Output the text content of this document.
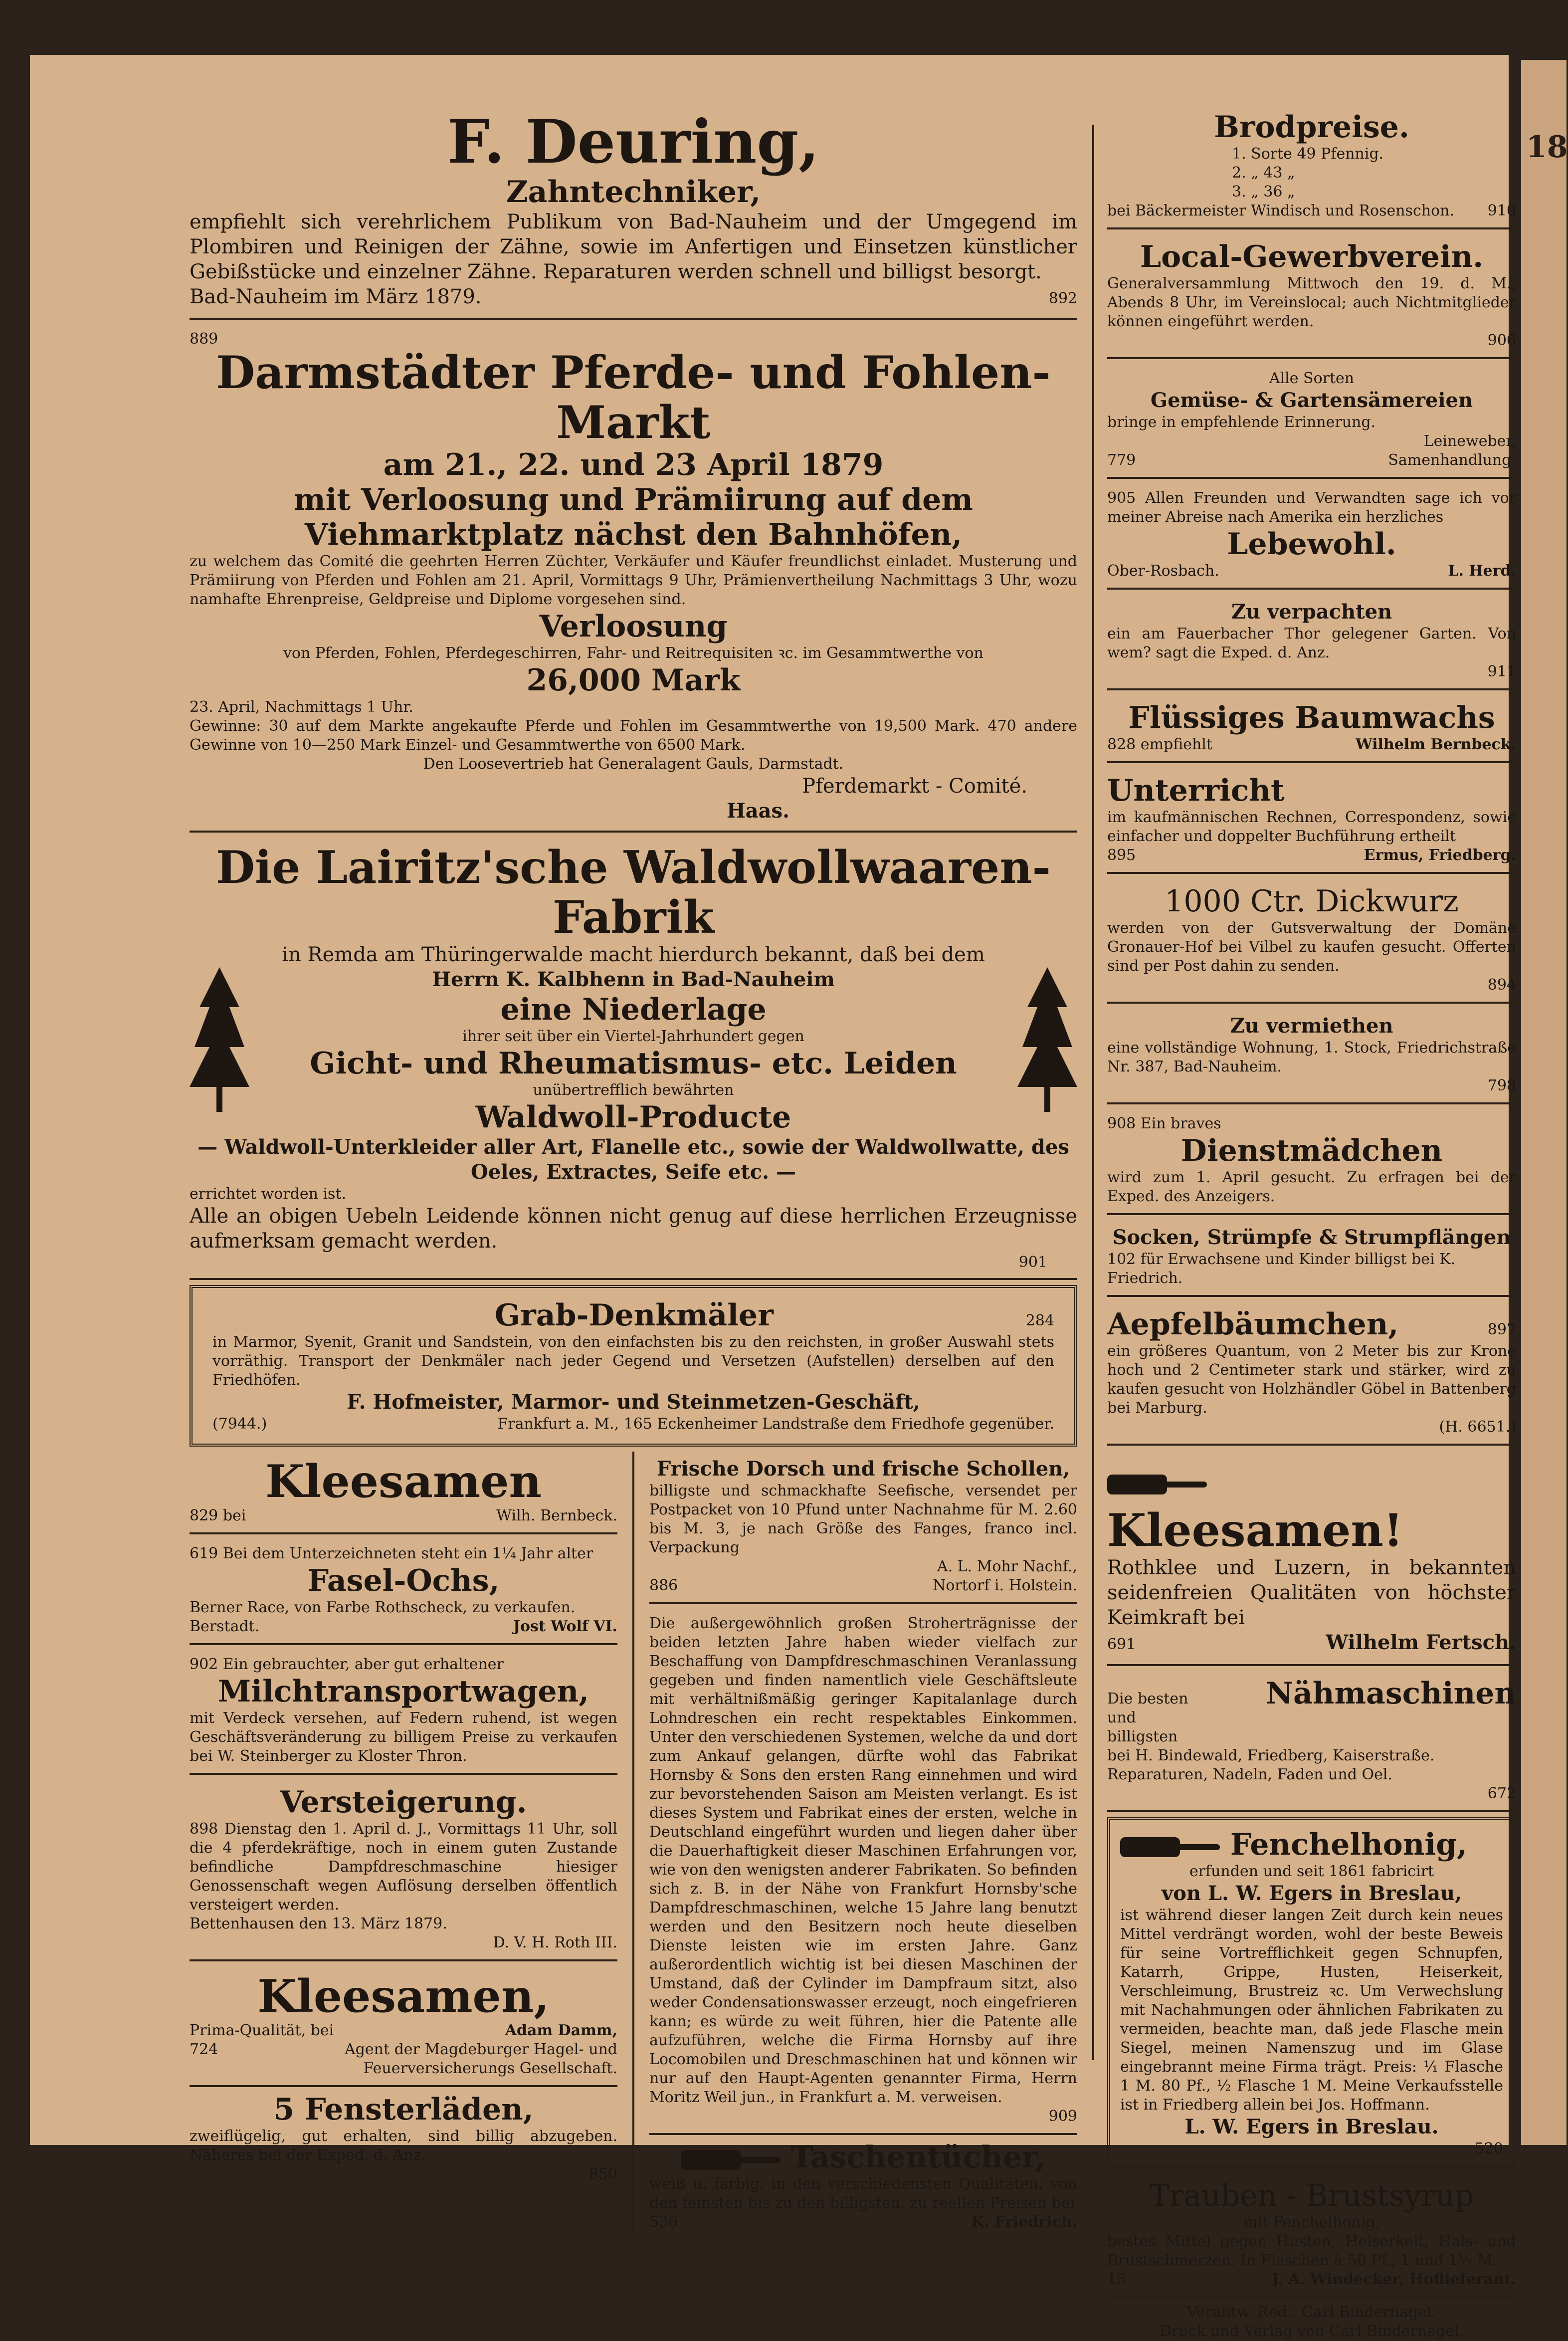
F. Deuring,
Zahntechniker,
empfiehlt sich verehrlichem Publikum von Bad-Nauheim und der Umgegend im Plombiren und Reinigen der Zähne, sowie im Anfertigen und Einsetzen künstlicher Gebißstücke und einzelner Zähne. Reparaturen werden schnell und billigst besorgt.
Bad-Nauheim im März 1879.	892
889
Darmstädter Pferde- und Fohlen-Markt
am 21., 22. und 23 April 1879
mit Verloosung und Prämiirung auf dem Viehmarktplatz nächst den Bahnhöfen,
zu welchem das Comité die geehrten Herren Züchter, Verkäufer und Käufer freundlichst einladet. Musterung und Prämiirung von Pferden und Fohlen am 21. April, Vormittags 9 Uhr, Prämienvertheilung Nachmittags 3 Uhr, wozu namhafte Ehrenpreise, Geldpreise und Diplome vorgesehen sind.
Verloosung
von Pferden, Fohlen, Pferdegeschirren, Fahr- und Reitrequisiten ꝛc. im Gesammtwerthe von
26,000 Mark
23. April, Nachmittags 1 Uhr.
Gewinne: 30 auf dem Markte angekaufte Pferde und Fohlen im Gesammtwerthe von 19,500 Mark. 470 andere Gewinne von 10—250 Mark Einzel- und Gesammtwerthe von 6500 Mark.
Den Loosevertrieb hat Generalagent Gauls, Darmstadt.
Pferdemarkt - Comité.
Haas.
Die Lairitz'sche Waldwollwaaren-Fabrik
in Remda am Thüringerwalde macht hierdurch bekannt, daß bei dem
Herrn K. Kalbhenn in Bad-Nauheim
eine Niederlage
ihrer seit über ein Viertel-Jahrhundert gegen
Gicht- und Rheumatismus- etc. Leiden
unübertrefflich bewährten
Waldwoll-Producte
— Waldwoll-Unterkleider aller Art, Flanelle etc., sowie der Waldwollwatte, des Oeles, Extractes, Seife etc. —
errichtet worden ist.
Alle an obigen Uebeln Leidende können nicht genug auf diese herrlichen Erzeugnisse aufmerksam gemacht werden.
901
Grab-Denkmäler	284
in Marmor, Syenit, Granit und Sandstein, von den einfachsten bis zu den reichsten, in großer Auswahl stets vorräthig. Transport der Denkmäler nach jeder Gegend und Versetzen (Aufstellen) derselben auf den Friedhöfen.
F. Hofmeister, Marmor- und Steinmetzen-Geschäft,
(7944.)	Frankfurt a. M., 165 Eckenheimer Landstraße dem Friedhofe gegenüber.
Kleesamen
829 bei	Wilh. Bernbeck.
619 Bei dem Unterzeichneten steht ein 1¼ Jahr alter
Fasel-Ochs,
Berner Race, von Farbe Rothscheck, zu verkaufen.
Berstadt.	Jost Wolf VI.
902 Ein gebrauchter, aber gut erhaltener
Milchtransportwagen,
mit Verdeck versehen, auf Federn ruhend, ist wegen Geschäftsveränderung zu billigem Preise zu verkaufen bei W. Steinberger zu Kloster Thron.
Versteigerung.
898 Dienstag den 1. April d. J., Vormittags 11 Uhr, soll die 4 pferdekräftige, noch in einem guten Zustande befindliche Dampfdreschmaschine hiesiger Genossenschaft wegen Auflösung derselben öffentlich versteigert werden.
Bettenhausen den 13. März 1879.
D. V. H. Roth III.
Kleesamen,
Prima-Qualität, bei	Adam Damm,
724	Agent der Magdeburger Hagel- und Feuerversicherungs Gesellschaft.
5 Fensterläden,
zweiflügelig, gut erhalten, sind billig abzugeben. Näheres bei der Exped. d. Anz.
850
Frische Dorsch und frische Schollen,
billigste und schmackhafte Seefische, versendet per Postpacket von 10 Pfund unter Nachnahme für M. 2.60 bis M. 3, je nach Größe des Fanges, franco incl. Verpackung
A. L. Mohr Nachf.,
886	Nortorf i. Holstein.
Die außergewöhnlich großen Stroherträgnisse der beiden letzten Jahre haben wieder vielfach zur Beschaffung von Dampfdreschmaschinen Veranlassung gegeben und finden namentlich viele Geschäftsleute mit verhältnißmäßig geringer Kapitalanlage durch Lohndreschen ein recht respektables Einkommen. Unter den verschiedenen Systemen, welche da und dort zum Ankauf gelangen, dürfte wohl das Fabrikat Hornsby & Sons den ersten Rang einnehmen und wird zur bevorstehenden Saison am Meisten verlangt. Es ist dieses System und Fabrikat eines der ersten, welche in Deutschland eingeführt wurden und liegen daher über die Dauerhaftigkeit dieser Maschinen Erfahrungen vor, wie von den wenigsten anderer Fabrikaten. So befinden sich z. B. in der Nähe von Frankfurt Hornsby'sche Dampfdreschmaschinen, welche 15 Jahre lang benutzt werden und den Besitzern noch heute dieselben Dienste leisten wie im ersten Jahre. Ganz außerordentlich wichtig ist bei diesen Maschinen der Umstand, daß der Cylinder im Dampfraum sitzt, also weder Condensationswasser erzeugt, noch eingefrieren kann; es würde zu weit führen, hier die Patente alle aufzuführen, welche die Firma Hornsby auf ihre Locomobilen und Dreschmaschinen hat und können wir nur auf den Haupt-Agenten genannter Firma, Herrn Moritz Weil jun., in Frankfurt a. M. verweisen.
909
Taschentücher,
weiß u. farbig, in den verschiedensten Qualitäten, von den feinsten bis zu den billigsten, zu reellen Preisen bei
536	K. Friedrich.
Brodpreise.
1. Sorte 49 Pfennig.
2. „ 43 „
3. „ 36 „
bei Bäckermeister Windisch und Rosenschon. 910
Local-Gewerbverein.
Generalversammlung Mittwoch den 19. d. M., Abends 8 Uhr, im Vereinslocal; auch Nichtmitglieder können eingeführt werden.
906
Alle Sorten
Gemüse- & Gartensämereien
bringe in empfehlende Erinnerung.
Leineweber,
779	Samenhandlung.
905 Allen Freunden und Verwandten sage ich vor meiner Abreise nach Amerika ein herzliches
Lebewohl.
Ober-Rosbach.	L. Herd.
Zu verpachten
ein am Fauerbacher Thor gelegener Garten. Von wem? sagt die Exped. d. Anz.
911
Flüssiges Baumwachs
828 empfiehlt	Wilhelm Bernbeck.
Unterricht
im kaufmännischen Rechnen, Correspondenz, sowie einfacher und doppelter Buchführung ertheilt
895	Ermus, Friedberg.
1000 Ctr. Dickwurz
werden von der Gutsverwaltung der Domäne Gronauer-Hof bei Vilbel zu kaufen gesucht. Offerten sind per Post dahin zu senden.
894
Zu vermiethen
eine vollständige Wohnung, 1. Stock, Friedrichstraße Nr. 387, Bad-Nauheim.
798
908 Ein braves
Dienstmädchen
wird zum 1. April gesucht. Zu erfragen bei der Exped. des Anzeigers.
Socken, Strümpfe & Strumpflängen
102 für Erwachsene und Kinder billigst bei K. Friedrich.
Aepfelbäumchen,	897
ein größeres Quantum, von 2 Meter bis zur Krone hoch und 2 Centimeter stark und stärker, wird zu kaufen gesucht von Holzhändler Göbel in Battenberg bei Marburg.
(H. 6651.)
Kleesamen!
Rothklee und Luzern, in bekannten seidenfreien Qualitäten von höchster Keimkraft bei
691	Wilhelm Fertsch.
Die besten und billigsten
Nähmaschinen
bei H. Bindewald, Friedberg, Kaiserstraße. Reparaturen, Nadeln, Faden und Oel.
672
Fenchelhonig,
erfunden und seit 1861 fabricirt
von L. W. Egers in Breslau,
ist während dieser langen Zeit durch kein neues Mittel verdrängt worden, wohl der beste Beweis für seine Vortrefflichkeit gegen Schnupfen, Katarrh, Grippe, Husten, Heiserkeit, Verschleimung, Brustreiz ꝛc. Um Verwechslung mit Nachahmungen oder ähnlichen Fabrikaten zu vermeiden, beachte man, daß jede Flasche mein Siegel, meinen Namenszug und im Glase eingebrannt meine Firma trägt. Preis: ¹⁄₁ Flasche 1 M. 80 Pf., ½ Flasche 1 M. Meine Verkaufsstelle ist in Friedberg allein bei Jos. Hoffmann.
L. W. Egers in Breslau.
520
Trauben - Brustsyrup
mit Fenchelhonig,
bestes Mittel gegen Husten, Heiserkeit, Hals- und Brustschmerzen. In Flaschen à 50 Pf., 1 und 1½ M.
15	J. A. Windecker, Hoflieferant.
Verantw. Red.: Carl Bindernagel.
Druck und Verlag von Carl Bindernagel.
18
